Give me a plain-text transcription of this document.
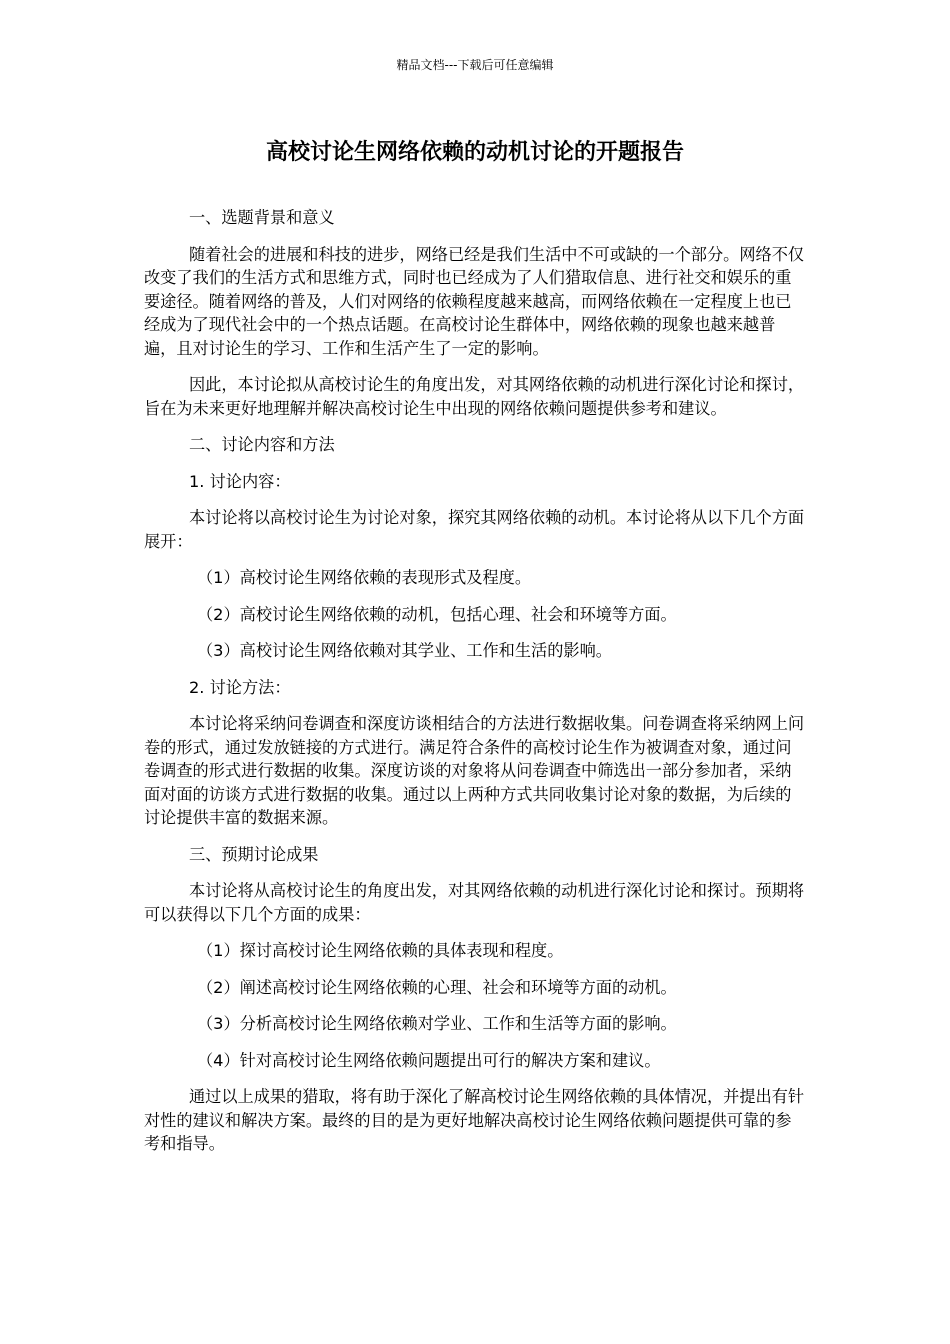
精品文档---下载后可任意编辑
高校讨论生网络依赖的动机讨论的开题报告

一、选题背景和意义

随着社会的进展和科技的进步，网络已经是我们生活中不可或缺的一个部分。网络不仅改变了我们的生活方式和思维方式，同时也已经成为了人们猎取信息、进行社交和娱乐的重要途径。随着网络的普及，人们对网络的依赖程度越来越高，而网络依赖在一定程度上也已经成为了现代社会中的一个热点话题。在高校讨论生群体中，网络依赖的现象也越来越普遍，且对讨论生的学习、工作和生活产生了一定的影响。

因此，本讨论拟从高校讨论生的角度出发，对其网络依赖的动机进行深化讨论和探讨，旨在为未来更好地理解并解决高校讨论生中出现的网络依赖问题提供参考和建议。

二、讨论内容和方法

1. 讨论内容：

本讨论将以高校讨论生为讨论对象，探究其网络依赖的动机。本讨论将从以下几个方面展开：

（1）高校讨论生网络依赖的表现形式及程度。

（2）高校讨论生网络依赖的动机，包括心理、社会和环境等方面。

（3）高校讨论生网络依赖对其学业、工作和生活的影响。

2. 讨论方法：

本讨论将采纳问卷调查和深度访谈相结合的方法进行数据收集。问卷调查将采纳网上问卷的形式，通过发放链接的方式进行。满足符合条件的高校讨论生作为被调查对象，通过问卷调查的形式进行数据的收集。深度访谈的对象将从问卷调查中筛选出一部分参加者，采纳面对面的访谈方式进行数据的收集。通过以上两种方式共同收集讨论对象的数据，为后续的讨论提供丰富的数据来源。

三、预期讨论成果

本讨论将从高校讨论生的角度出发，对其网络依赖的动机进行深化讨论和探讨。预期将可以获得以下几个方面的成果：

（1）探讨高校讨论生网络依赖的具体表现和程度。

（2）阐述高校讨论生网络依赖的心理、社会和环境等方面的动机。

（3）分析高校讨论生网络依赖对学业、工作和生活等方面的影响。

（4）针对高校讨论生网络依赖问题提出可行的解决方案和建议。

通过以上成果的猎取，将有助于深化了解高校讨论生网络依赖的具体情况，并提出有针对性的建议和解决方案。最终的目的是为更好地解决高校讨论生网络依赖问题提供可靠的参考和指导。
